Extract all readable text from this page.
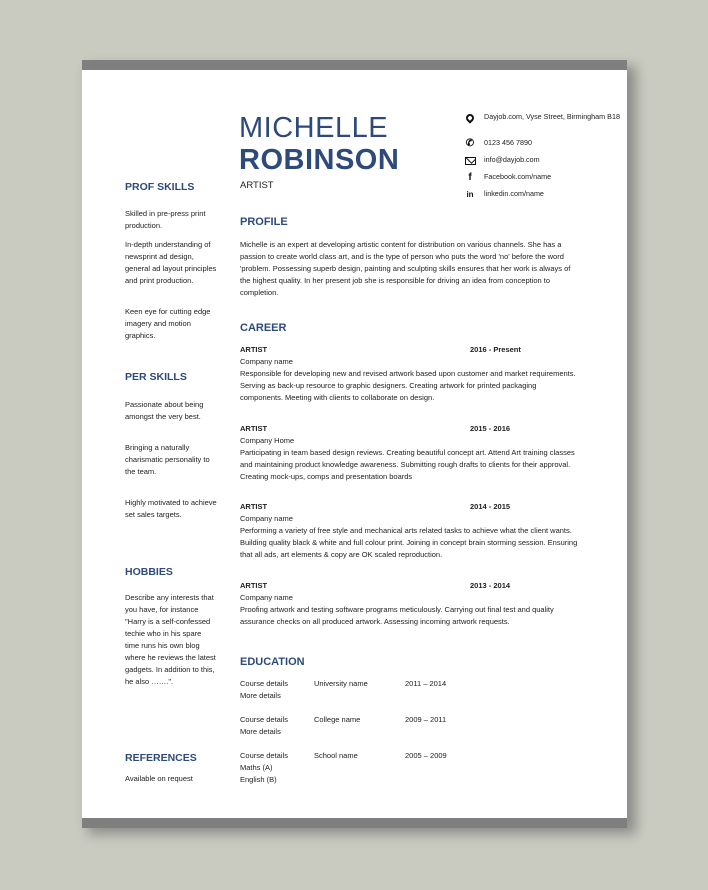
MICHELLE
ROBINSON
ARTIST
Dayjob.com, Vyse Street, Birmingham B18
✆ 0123 456 7890
info@dayjob.com
f	Facebook.com/name
in	linkedin.com/name
PROF SKILLS
Skilled in pre-press print production.
In-depth understanding of newsprint ad design, general ad layout principles and print production.
Keen eye for cutting edge imagery and motion graphics.
PER SKILLS
Passionate about being amongst the very best.
Bringing a naturally charismatic personality to the team.
Highly motivated to achieve set sales targets.
HOBBIES
Describe any interests that you have, for instance "Harry is a self-confessed techie who in his spare time runs his own blog where he reviews the latest gadgets. In addition to this, he also …….".
REFERENCES
Available on request
PROFILE
Michelle is an expert at developing artistic content for distribution on various channels. She has a passion to create world class art, and is the type of person who puts the word 'no' before the word 'problem. Possessing superb design, painting and sculpting skills ensures that her work is always of the highest quality. In her present job she is responsible for driving an idea from conception to completion.
CAREER
ARTIST	2016 - Present
Company name
Responsible for developing new and revised artwork based upon customer and market requirements. Serving as back-up resource to graphic designers. Creating artwork for printed packaging components. Meeting with clients to collaborate on design.
ARTIST	2015 - 2016
Company Home
Participating in team based design reviews. Creating beautiful concept art. Attend Art training classes and maintaining product knowledge awareness. Submitting rough drafts to clients for their approval. Creating mock-ups, comps and presentation boards
ARTIST	2014 - 2015
Company name
Performing a variety of free style and mechanical arts related tasks to achieve what the client wants. Building quality black & white and full colour print. Joining in concept brain storming session. Ensuring that all ads, art elements & copy are OK scaled reproduction.
ARTIST	2013 - 2014
Company name
Proofing artwork and testing software programs meticulously. Carrying out final test and quality assurance checks on all produced artwork. Assessing incoming artwork requests.
EDUCATION
Course details	University name	2011 – 2014
More details
Course details	College name	2009 – 2011
More details
Course details	School name	2005 – 2009
Maths (A)
English (B)
